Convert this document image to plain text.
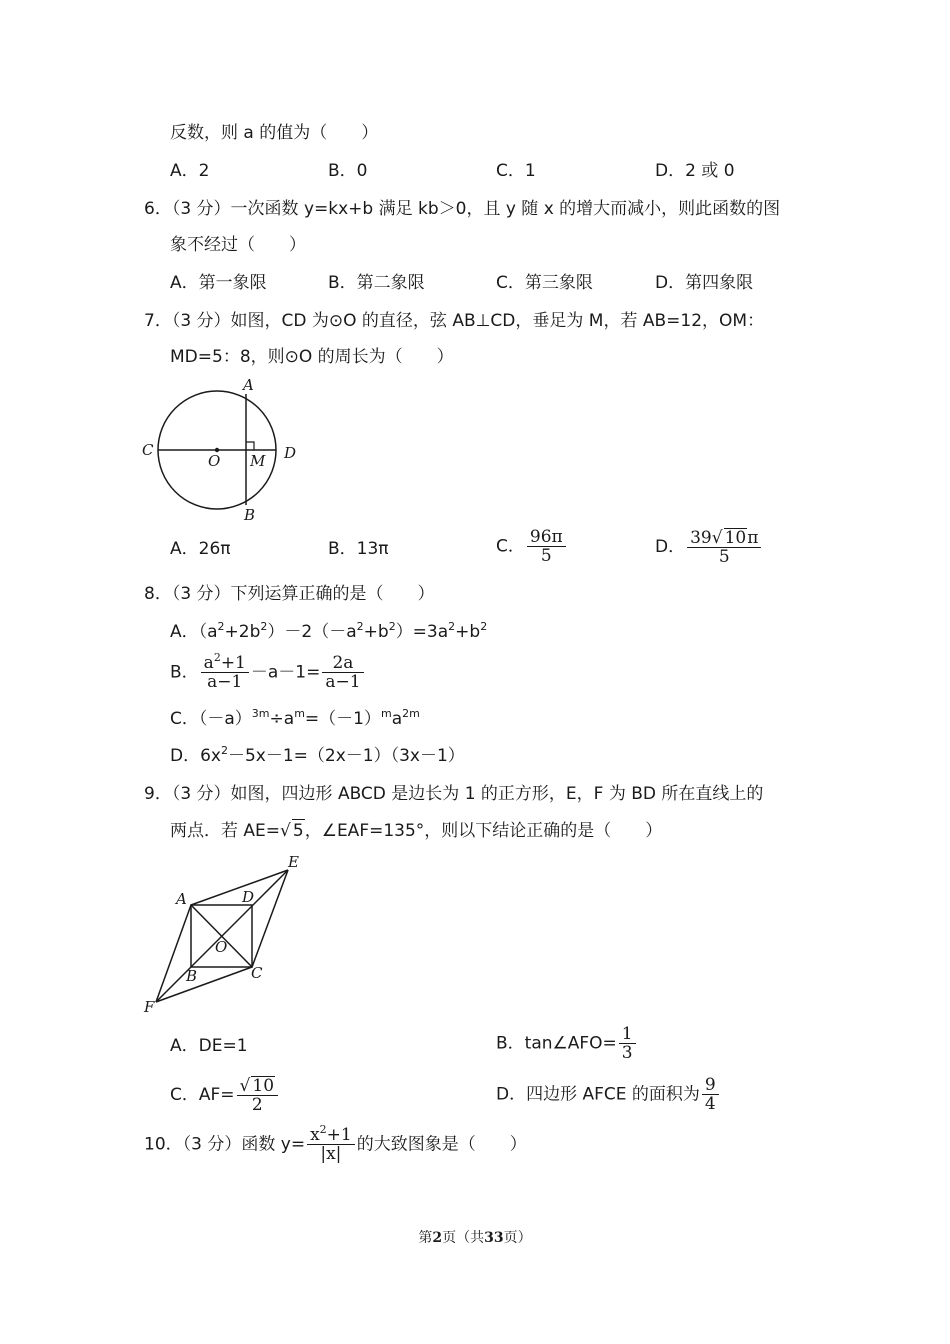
反数，则 a 的值为（　　）
A．2	B．0	C．1	D．2 或 0
6．（3 分）一次函数 y=kx+b 满足 kb＞0，且 y 随 x 的增大而减小，则此函数的图
象不经过（　　）
A．第一象限	B．第二象限	C．第三象限	D．第四象限
7．（3 分）如图，CD 为⊙O 的直径，弦 AB⊥CD，垂足为 M，若 AB=12，OM：
MD=5：8，则⊙O 的周长为（　　）
A
B
C	D
O M
A．26π	B．13π	C． $\frac{96\pi}{5}$	D． $\frac{39√ 10\pi}{5}$
8．（3 分）下列运算正确的是（　　）
A．$(a^2+2b^2)-2(-a^2+b^2)=3a^2+b^2$
B． $\frac{a^2+1}{a-1} -a-1= \frac{2a}{a-1}$
C．$(-a)^{3m}\div a^m=(-1)^ma^{2m}$
D．$6x^2-5x-1=(2x-1)(3x-1)$
9．（3 分）如图，四边形 ABCD 是边长为 1 的正方形，E，F 为 BD 所在直线上的
两点．若 AE=√ 5，∠EAF=135°，则以下结论正确的是（　　）
A	D
B	C
E
F
O
A．DE=1	B．tan∠AFO= $\frac{1}{3}$
C．$AF= \frac{√ 10}{2}$	D．四边形 AFCE 的面积为 $\frac{9}{4}$
10．（3 分）函数 $y= \frac{x^2+1}{|x|}$ 的大致图象是（　　）
第2页（共33页）
